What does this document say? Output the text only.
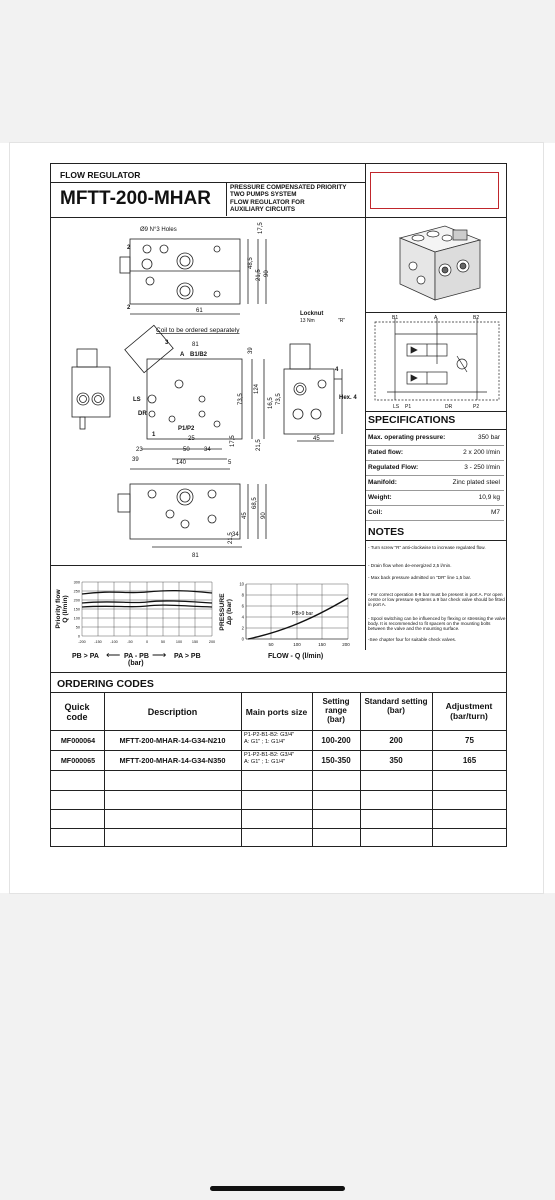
FLOW REGULATOR
MFTT-200-MHAR
PRESSURE COMPENSATED PRIORITY
TWO PUMPS SYSTEM
FLOW REGULATOR FOR
AUXILIARY CIRCUITS
Ø9 N°3 Holes
2
2
17,5
21,5
48,5
90
61
Coil to be ordered separately
Locknut
13 Nm	"R"
Hex. 4
81
B1/B2
A
39
73,5
124
16,5 73,5
P1/P2
25
50 34
23
39	140	5
17,5	21,5
45
3
4
1
LS
DR
34
45
68,5
90
21,5
81
B1	A	B2
LS P1	DR	P2
SPECIFICATIONS
Max. operating pressure:	350 bar
Rated flow:	2 x 200 l/min
Regulated Flow:	3 - 250 l/min
Manifold:	Zinc plated steel
Weight:	10,9 kg
Coil:	M7
NOTES
- Turn screw "R" anti-clockwise to increase regulated flow.
- Drain flow when de-energized 2,5 l/min.
- Max back pressure admitted on "DR" line 1,5 bar.
- For correct operation 8-9 bar must be present in port A. For open centre or low pressure systems a 9 bar check valve should be fitted in port A.
- Spool switching can be influenced by flexing or stressing the valve body. It is recommended to fit spacers on the mounting bolts between the valve and the mounting surface.
-See chapter four for suitable check valves.
Priority flow Q (l/min)
300
250
200
150
100
50
0
-200 -150 -100 -50	0	50	100	150	200
PB > PA ⟵ PA - PB ⟶ PA > PB
(bar)
PRESSURE Δp (bar)
10
8
6
4
2
0
50	100	150	200
PB>9 bar
FLOW - Q (l/min)
ORDERING CODES
Quick code	Description	Main ports size
Setting range (bar)
Standard setting (bar)	Adjustment (bar/turn)
MF000064	MFTT-200-MHAR-14-G34-N210
P1-P2-B1-B2: G3/4"
A: G1" ; 1: G1/4"	100-200	200	75
MF000065	MFTT-200-MHAR-14-G34-N350
P1-P2-B1-B2: G3/4"
A: G1" ; 1: G1/4"	150-350	350	165
